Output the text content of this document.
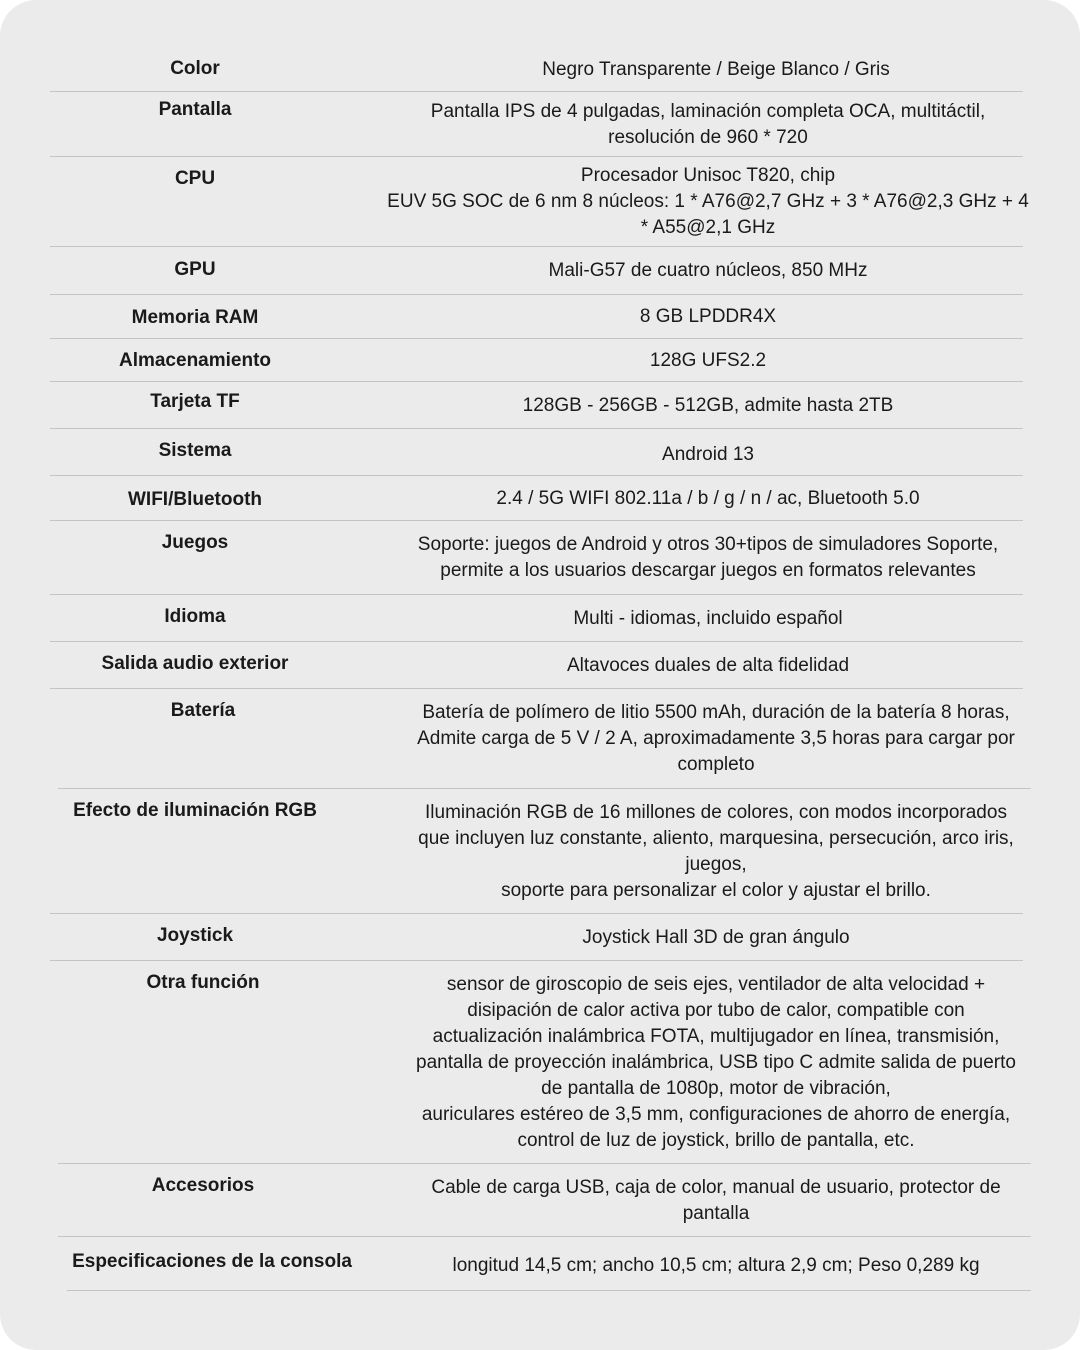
Color	Negro Transparente / Beige Blanco / Gris
Pantalla	Pantalla IPS de 4 pulgadas, laminación completa OCA, multitáctil,
resolución de 960 * 720
CPU	Procesador Unisoc T820, chip
EUV 5G SOC de 6 nm 8 núcleos: 1 * A76@2,7 GHz + 3 * A76@2,3 GHz + 4
* A55@2,1 GHz
GPU	Mali-G57 de cuatro núcleos, 850 MHz
Memoria RAM	8 GB LPDDR4X
Almacenamiento	128G UFS2.2
Tarjeta TF	128GB - 256GB - 512GB, admite hasta 2TB
Sistema	Android 13
WIFI/Bluetooth	2.4 / 5G WIFI 802.11a / b / g / n / ac, Bluetooth 5.0
Juegos	Soporte: juegos de Android y otros 30+tipos de simuladores Soporte,
permite a los usuarios descargar juegos en formatos relevantes
Idioma	Multi - idiomas, incluido español
Salida audio exterior	Altavoces duales de alta fidelidad
Batería	Batería de polímero de litio 5500 mAh, duración de la batería 8 horas,
Admite carga de 5 V / 2 A, aproximadamente 3,5 horas para cargar por
completo
Efecto de iluminación RGB	Iluminación RGB de 16 millones de colores, con modos incorporados
que incluyen luz constante, aliento, marquesina, persecución, arco iris,
juegos,
soporte para personalizar el color y ajustar el brillo.
Joystick	Joystick Hall 3D de gran ángulo
Otra función	sensor de giroscopio de seis ejes, ventilador de alta velocidad +
disipación de calor activa por tubo de calor, compatible con
actualización inalámbrica FOTA, multijugador en línea, transmisión,
pantalla de proyección inalámbrica, USB tipo C admite salida de puerto
de pantalla de 1080p, motor de vibración,
auriculares estéreo de 3,5 mm, configuraciones de ahorro de energía,
control de luz de joystick, brillo de pantalla, etc.
Accesorios	Cable de carga USB, caja de color, manual de usuario, protector de
pantalla
Especificaciones de la consola	longitud 14,5 cm; ancho 10,5 cm; altura 2,9 cm; Peso 0,289 kg
